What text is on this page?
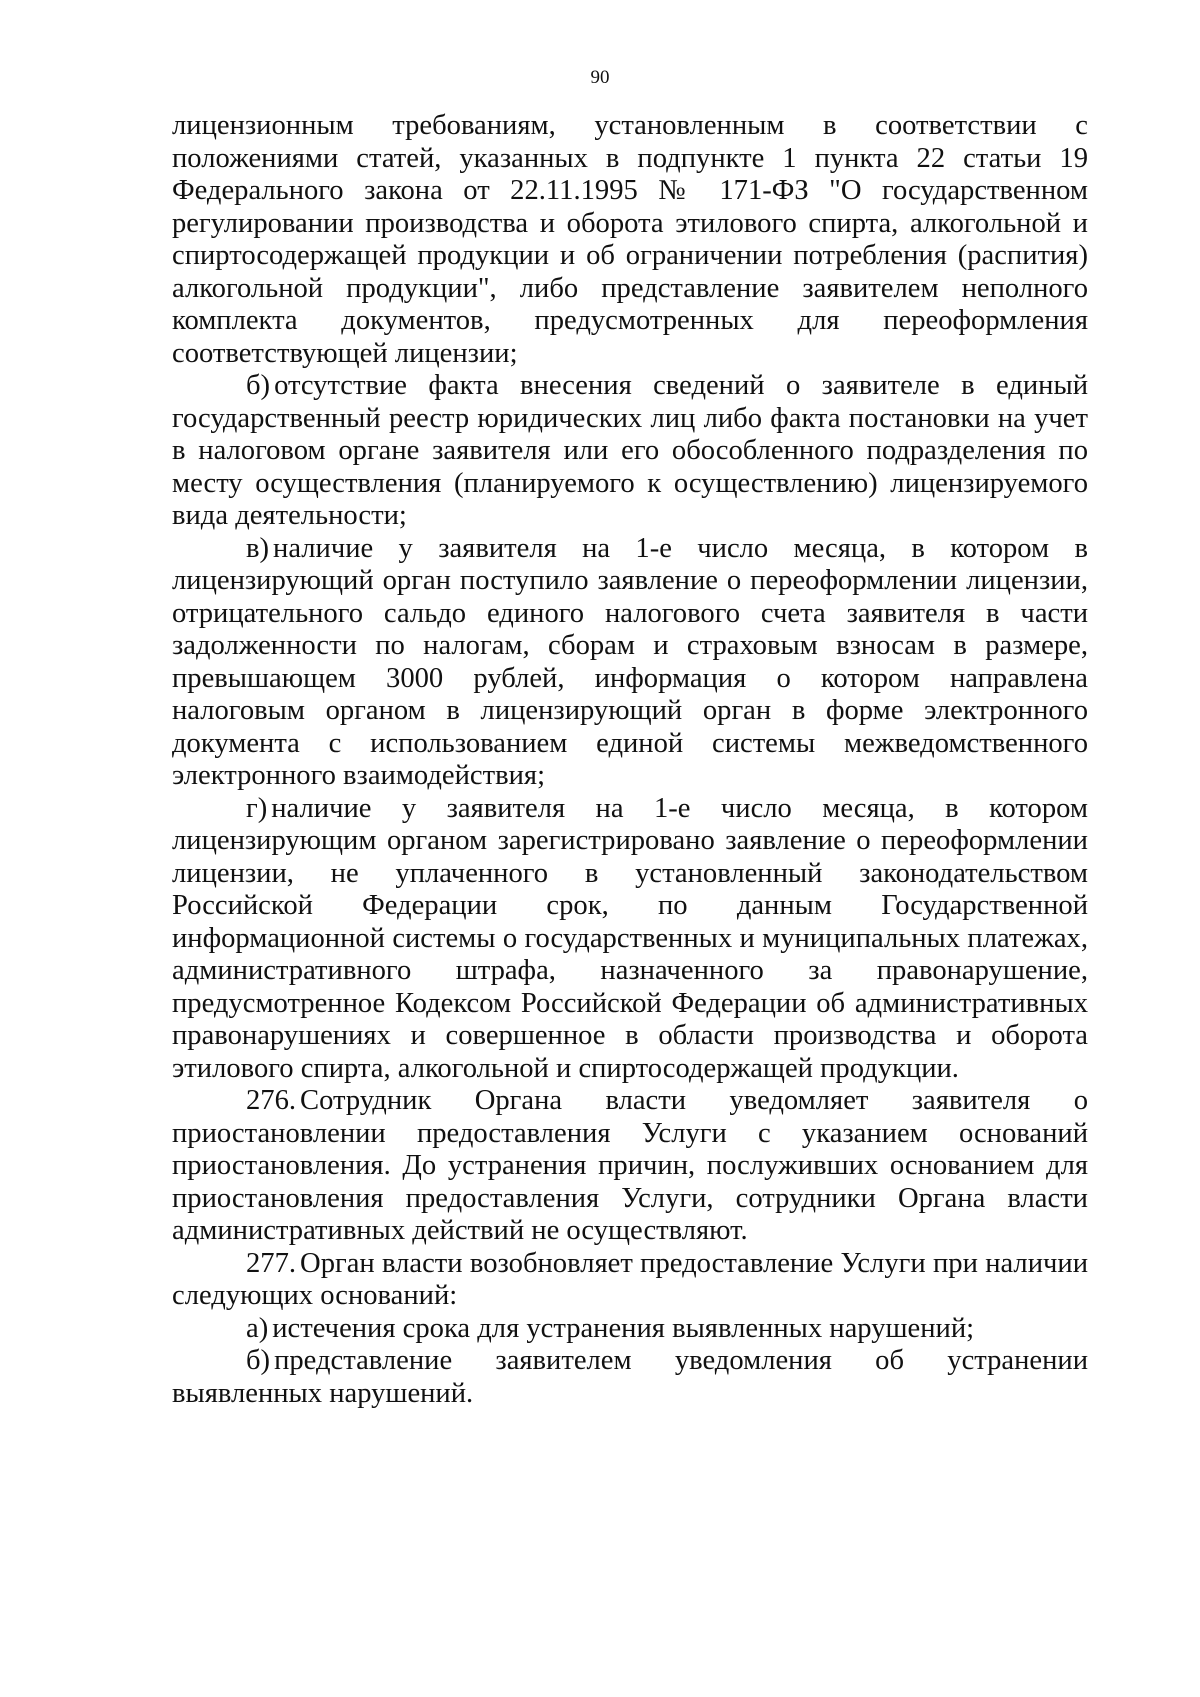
90

лицензионным требованиям, установленным в соответствии с положениями статей, указанных в подпункте 1 пункта 22 статьи 19 Федерального закона от 22.11.1995 № 171-ФЗ "О государственном регулировании производства и оборота этилового спирта, алкогольной и спиртосодержащей продукции и об ограничении потребления (распития) алкогольной продукции", либо представление заявителем неполного комплекта документов, предусмотренных для переоформления соответствующей лицензии;

б) отсутствие факта внесения сведений о заявителе в единый государственный реестр юридических лиц либо факта постановки на учет в налоговом органе заявителя или его обособленного подразделения по месту осуществления (планируемого к осуществлению) лицензируемого вида деятельности;

в) наличие у заявителя на 1-е число месяца, в котором в лицензирующий орган поступило заявление о переоформлении лицензии, отрицательного сальдо единого налогового счета заявителя в части задолженности по налогам, сборам и страховым взносам в размере, превышающем 3000 рублей, информация о котором направлена налоговым органом в лицензирующий орган в форме электронного документа с использованием единой системы межведомственного электронного взаимодействия;

г) наличие у заявителя на 1-е число месяца, в котором лицензирующим органом зарегистрировано заявление о переоформлении лицензии, не уплаченного в установленный законодательством Российской Федерации срок, по данным Государственной информационной системы о государственных и муниципальных платежах, административного штрафа, назначенного за правонарушение, предусмотренное Кодексом Российской Федерации об административных правонарушениях и совершенное в области производства и оборота этилового спирта, алкогольной и спиртосодержащей продукции.

276. Сотрудник Органа власти уведомляет заявителя о приостановлении предоставления Услуги с указанием оснований приостановления. До устранения причин, послуживших основанием для приостановления предоставления Услуги, сотрудники Органа власти административных действий не осуществляют.

277. Орган власти возобновляет предоставление Услуги при наличии следующих оснований:

а) истечения срока для устранения выявленных нарушений;

б) представление заявителем уведомления об устранении выявленных нарушений.
